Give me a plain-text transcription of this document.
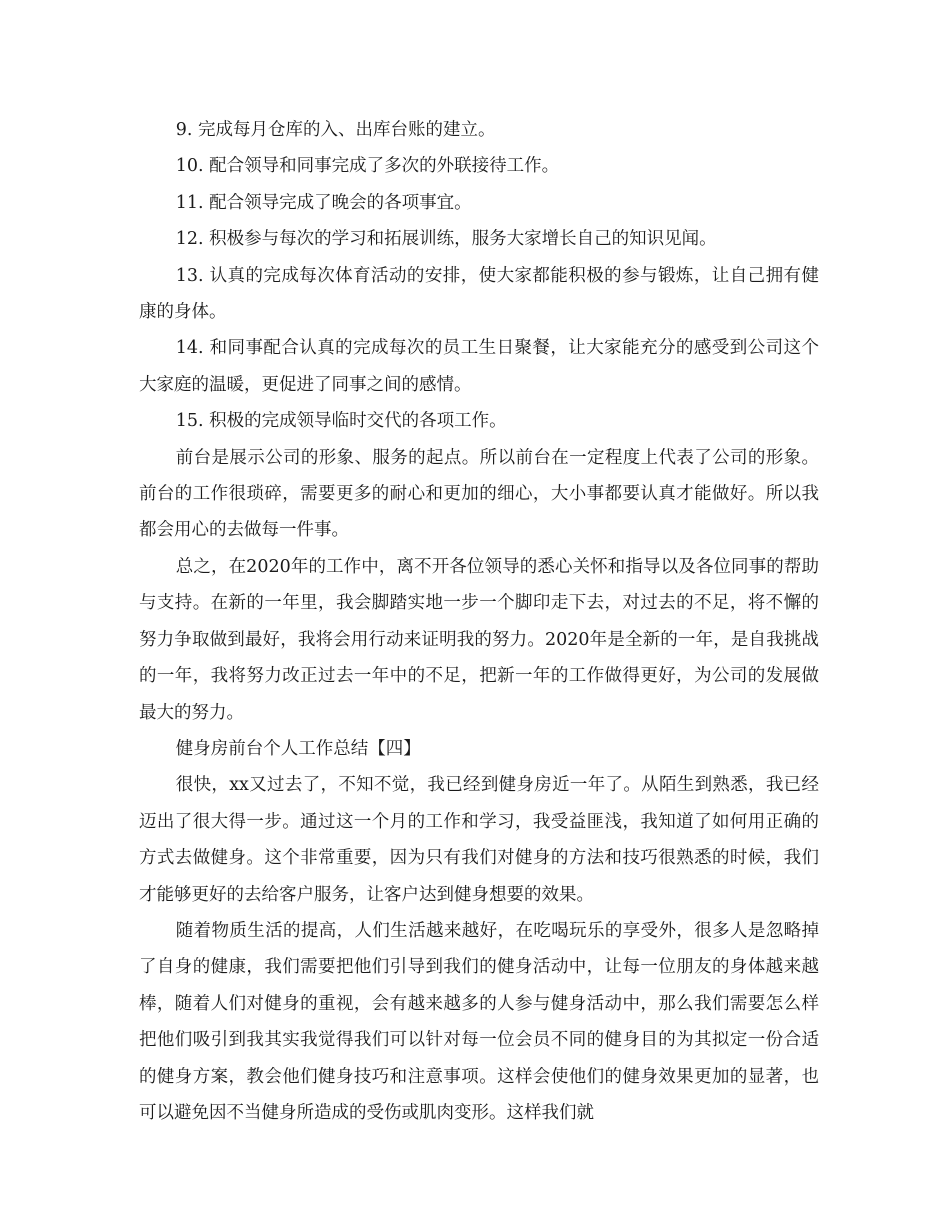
9. 完成每月仓库的入、出库台账的建立。

10. 配合领导和同事完成了多次的外联接待工作。

11. 配合领导完成了晚会的各项事宜。

12. 积极参与每次的学习和拓展训练，服务大家增长自己的知识见闻。

13. 认真的完成每次体育活动的安排，使大家都能积极的参与锻炼，让自己拥有健康的身体。

14. 和同事配合认真的完成每次的员工生日聚餐，让大家能充分的感受到公司这个大家庭的温暖，更促进了同事之间的感情。

15. 积极的完成领导临时交代的各项工作。

前台是展示公司的形象、服务的起点。所以前台在一定程度上代表了公司的形象。前台的工作很琐碎，需要更多的耐心和更加的细心，大小事都要认真才能做好。所以我都会用心的去做每一件事。

总之，在2020年的工作中，离不开各位领导的悉心关怀和指导以及各位同事的帮助与支持。在新的一年里，我会脚踏实地一步一个脚印走下去，对过去的不足，将不懈的努力争取做到最好，我将会用行动来证明我的努力。2020年是全新的一年，是自我挑战的一年，我将努力改正过去一年中的不足，把新一年的工作做得更好，为公司的发展做最大的努力。

健身房前台个人工作总结【四】

很快，xx又过去了，不知不觉，我已经到健身房近一年了。从陌生到熟悉，我已经迈出了很大得一步。通过这一个月的工作和学习，我受益匪浅，我知道了如何用正确的方式去做健身。这个非常重要，因为只有我们对健身的方法和技巧很熟悉的时候，我们才能够更好的去给客户服务，让客户达到健身想要的效果。

随着物质生活的提高，人们生活越来越好，在吃喝玩乐的享受外，很多人是忽略掉了自身的健康，我们需要把他们引导到我们的健身活动中，让每一位朋友的身体越来越棒，随着人们对健身的重视，会有越来越多的人参与健身活动中，那么我们需要怎么样把他们吸引到我其实我觉得我们可以针对每一位会员不同的健身目的为其拟定一份合适的健身方案，教会他们健身技巧和注意事项。这样会使他们的健身效果更加的显著，也可以避免因不当健身所造成的受伤或肌肉变形。这样我们就
